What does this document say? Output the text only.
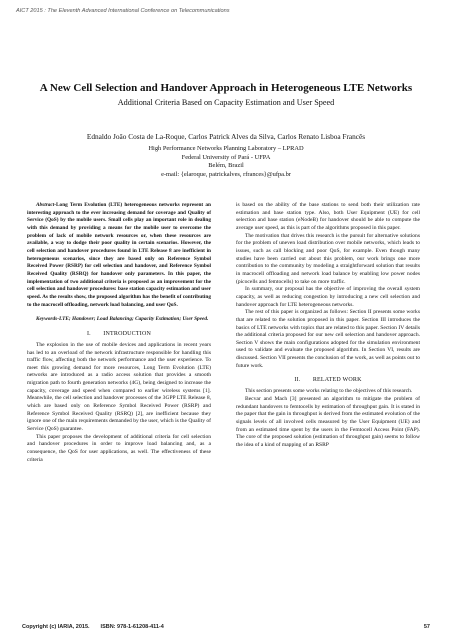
AICT 2015 : The Eleventh Advanced International Conference on Telecommunications
A New Cell Selection and Handover Approach in Heterogeneous LTE Networks
Additional Criteria Based on Capacity Estimation and User Speed
Ednaldo João Costa de La-Roque, Carlos Patrick Alves da Silva, Carlos Renato Lisboa Francês
High Performance Networks Planning Laboratory – LPRAD
Federal University of Pará - UFPA
Belém, Brazil
e-mail: {elaroque, patrickalves, rfrances}@ufpa.br

Abstract-Long Term Evolution (LTE) heterogeneous networks represent an interesting approach to the ever increasing demand for coverage and Quality of Service (QoS) by the mobile users. Small cells play an important role in dealing with this demand by providing a means for the mobile user to overcome the problem of lack of mobile network resources or, when these resources are available, a way to dodge their poor quality in certain scenarios. However, the cell selection and handover procedures found in LTE Release 8 are inefficient in heterogeneous scenarios, since they are based only on Reference Symbol Received Power (RSRP) for cell selection and handover, and Reference Symbol Received Quality (RSRQ) for handover only parameters. In this paper, the implementation of two additional criteria is proposed as an improvement for the cell selection and handover procedures: base station capacity estimation and user speed. As the results show, the proposed algorithm has the benefit of contributing to the macrocell offloading, network load balancing, and user QoS.

Keywords-LTE; Handover; Load Balancing; Capacity Estimation; User Speed.

I.  INTRODUCTION

The explosion in the use of mobile devices and applications in recent years has led to an overload of the network infrastructure responsible for handling this traffic flow, affecting both the network performance and the user experience. To meet this growing demand for more resources, Long Term Evolution (LTE) networks are introduced as a radio access solution that provides a smooth migration path to fourth generation networks (4G), being designed to increase the capacity, coverage and speed when compared to earlier wireless systems [1]. Meanwhile, the cell selection and handover processes of the 3GPP LTE Release 8, which are based only on Reference Symbol Received Power (RSRP) and Reference Symbol Received Quality (RSRQ) [2], are inefficient because they ignore one of the main requirements demanded by the user, which is the Quality of Service (QoS) guarantee.

This paper proposes the development of additional criteria for cell selection and handover procedures in order to improve load balancing and, as a consequence, the QoS for user applications, as well. The effectiveness of these criteria

is based on the ability of the base stations to send both their utilization rate estimation and base station type. Also, both User Equipment (UE) for cell selection and base station (eNodeB) for handover should be able to compute the average user speed, as this is part of the algorithms proposed in this paper.

The motivation that drives this research is the pursuit for alternative solutions for the problem of uneven load distribution over mobile networks, which leads to issues, such as call blocking and poor QoS, for example. Even though many studies have been carried out about this problem, our work brings one more contribution to the community by modeling a straightforward solution that results in macrocell offloading and network load balance by enabling low power nodes (picocells and femtocells) to take on more traffic.

In summary, our proposal has the objective of improving the overall system capacity, as well as reducing congestion by introducing a new cell selection and handover approach for LTE heterogeneous networks.

The rest of this paper is organized as follows: Section II presents some works that are related to the solution proposed in this paper. Section III introduces the basics of LTE networks with topics that are related to this paper. Section IV details the additional criteria proposed for our new cell selection and handover approach. Section V shows the main configurations adopted for the simulation environment used to validate and evaluate the proposed algorithm. In Section VI, results are discussed. Section VII presents the conclusion of the work, as well as points out to future work.

II.  RELATED WORK

This section presents some works relating to the objectives of this research.

Becvar and Mach [3] presented an algorithm to mitigate the problem of redundant handovers to femtocells by estimation of throughput gain. It is stated in the paper that the gain in throughput is derived from the estimated evolution of the signals levels of all involved cells measured by the User Equipment (UE) and from an estimated time spent by the users in the Femtocell Access Point (FAP). The core of the proposed solution (estimation of throughput gain) seems to follow the idea of a kind of mapping of an RSRP

Copyright (c) IARIA, 2015.  ISBN: 978-1-61208-411-4	57
